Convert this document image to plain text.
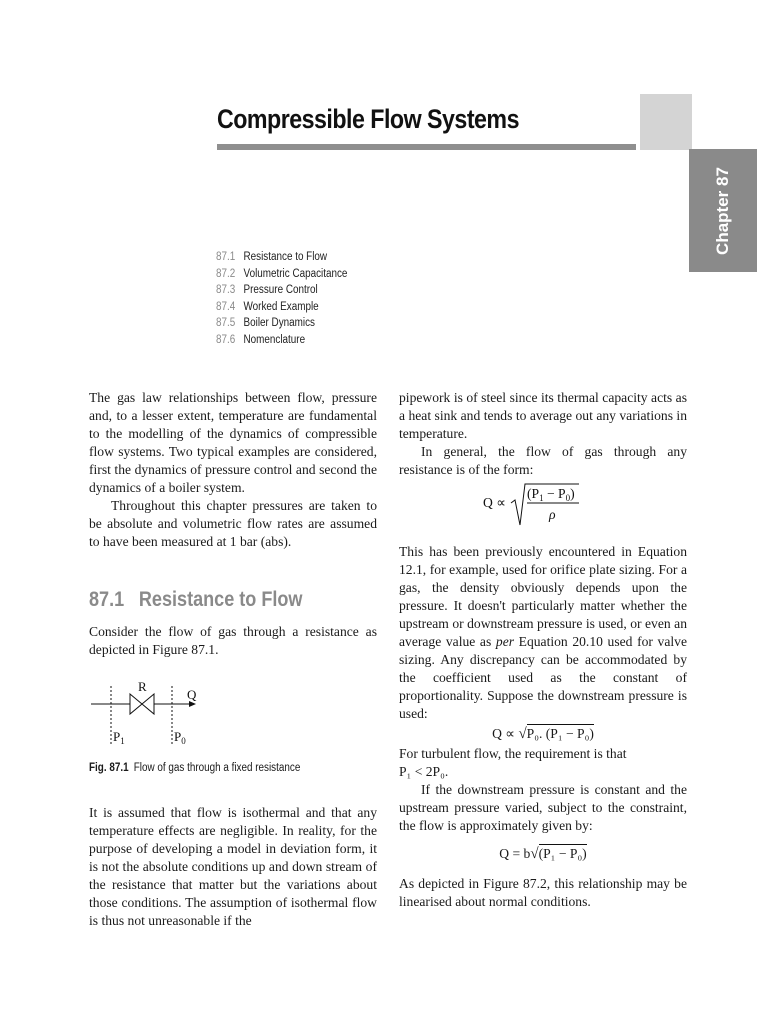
Compressible Flow Systems
Chapter 87
87.1 Resistance to Flow
87.2 Volumetric Capacitance
87.3 Pressure Control
87.4 Worked Example
87.5 Boiler Dynamics
87.6 Nomenclature

The gas law relationships between flow, pressure and, to a lesser extent, temperature are fundamental to the modelling of the dynamics of compressible flow systems. Two typical examples are considered, first the dynamics of pressure control and second the dynamics of a boiler system.

Throughout this chapter pressures are taken to be absolute and volumetric flow rates are assumed to have been measured at 1 bar (abs).

87.1 Resistance to Flow

Consider the flow of gas through a resistance as depicted in Figure 87.1.

R
Q
$P_1$	$P_0$
Fig. 87.1 Flow of gas through a fixed resistance

It is assumed that flow is isothermal and that any temperature effects are negligible. In reality, for the purpose of developing a model in deviation form, it is not the absolute conditions up and down stream of the resistance that matter but the variations about those conditions. The assumption of isothermal flow is thus not unreasonable if the

pipework is of steel since its thermal capacity acts as a heat sink and tends to average out any variations in temperature.

In general, the flow of gas through any resistance is of the form:

Q ∝
$(P_1 - P_0)$
ρ

This has been previously encountered in Equation 12.1, for example, used for orifice plate sizing. For a gas, the density obviously depends upon the pressure. It doesn't particularly matter whether the upstream or downstream pressure is used, or even an average value as per Equation 20.10 used for valve sizing. Any discrepancy can be accommodated by the coefficient used as the constant of proportionality. Suppose the downstream pressure is used:

Q ∝ √P₀. (P₁ − P₀)

For turbulent flow, the requirement is that

P₁ < 2P₀.

If the downstream pressure is constant and the upstream pressure varied, subject to the constraint, the flow is approximately given by:

Q = b√(P₁ − P₀)

As depicted in Figure 87.2, this relationship may be linearised about normal conditions.
